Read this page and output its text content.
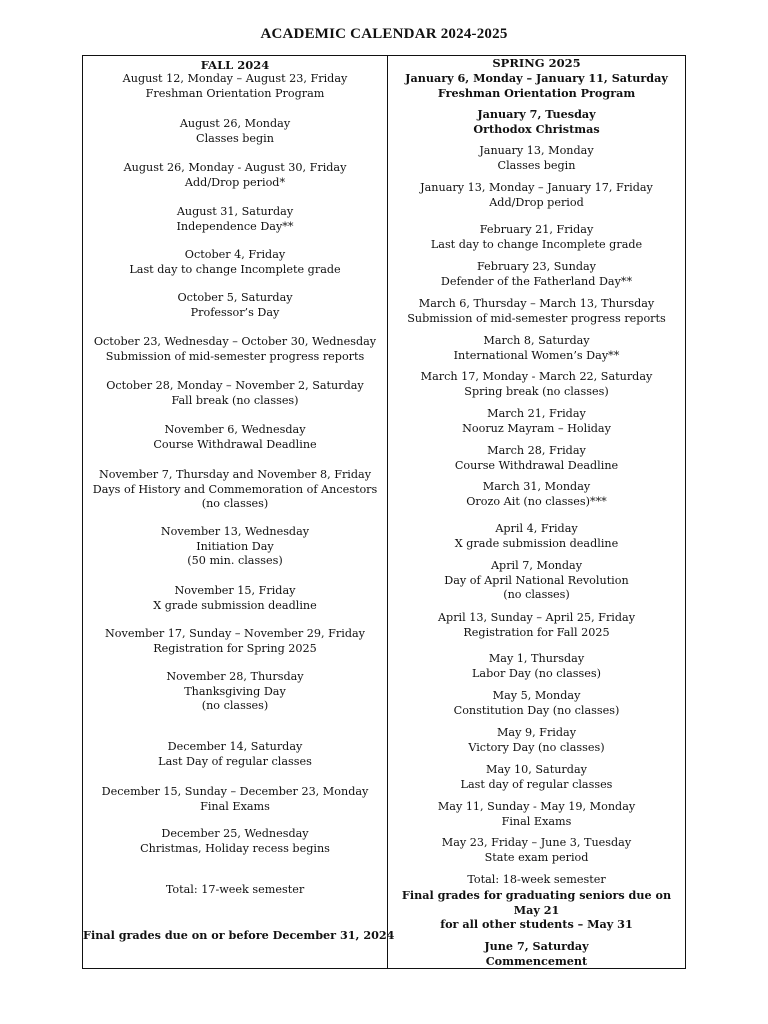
ACADEMIC CALENDAR 2024-2025
FALL 2024
August 12, Monday – August 23, Friday
Freshman Orientation Program
August 26, Monday
Classes begin
August 26, Monday - August 30, Friday
Add/Drop period*
August 31, Saturday
Independence Day**
October 4, Friday
Last day to change Incomplete grade
October 5, Saturday
Professor’s Day
October 23, Wednesday – October 30, Wednesday
Submission of mid-semester progress reports
October 28, Monday – November 2, Saturday
Fall break (no classes)
November 6, Wednesday
Course Withdrawal Deadline
November 7, Thursday and November 8, Friday
Days of History and Commemoration of Ancestors
(no classes)
November 13, Wednesday
Initiation Day
(50 min. classes)
November 15, Friday
X grade submission deadline
November 17, Sunday – November 29, Friday
Registration for Spring 2025
November 28, Thursday
Thanksgiving Day
(no classes)
December 14, Saturday
Last Day of regular classes
December 15, Sunday – December 23, Monday
Final Exams
December 25, Wednesday
Christmas, Holiday recess begins
Total: 17-week semester
Final grades due on or before December 31, 2024
SPRING 2025
January 6, Monday – January 11, Saturday
Freshman Orientation Program
January 7, Tuesday
Orthodox Christmas
January 13, Monday
Classes begin
January 13, Monday – January 17, Friday
Add/Drop period
February 21, Friday
Last day to change Incomplete grade
February 23, Sunday
Defender of the Fatherland Day**
March 6, Thursday – March 13, Thursday
Submission of mid-semester progress reports
March 8, Saturday
International Women’s Day**
March 17, Monday - March 22, Saturday
Spring break (no classes)
March 21, Friday
Nooruz Mayram – Holiday
March 28, Friday
Course Withdrawal Deadline
March 31, Monday
Orozo Ait (no classes)***
April 4, Friday
X grade submission deadline
April 7, Monday
Day of April National Revolution
(no classes)
April 13, Sunday – April 25, Friday
Registration for Fall 2025
May 1, Thursday
Labor Day (no classes)
May 5, Monday
Constitution Day (no classes)
May 9, Friday
Victory Day (no classes)
May 10, Saturday
Last day of regular classes
May 11, Sunday - May 19, Monday
Final Exams
May 23, Friday – June 3, Tuesday
State exam period
Total: 18-week semester
Final grades for graduating seniors due on
May 21
for all other students – May 31
June 7, Saturday
Commencement
